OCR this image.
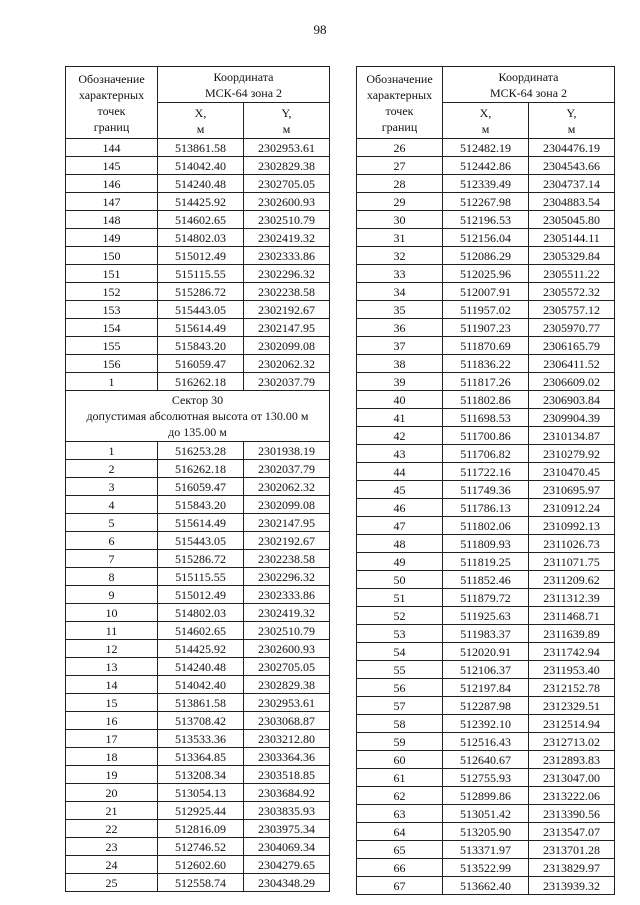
98
Обозначение
характерных
точек
границ	Координата
МСК-64 зона 2	

	X,
м	Y,
м

144	513861.58	2302953.61
145	514042.40	2302829.38
146	514240.48	2302705.05
147	514425.92	2302600.93
148	514602.65	2302510.79
149	514802.03	2302419.32
150	515012.49	2302333.86
151	515115.55	2302296.32
152	515286.72	2302238.58
153	515443.05	2302192.67
154	515614.49	2302147.95
155	515843.20	2302099.08
156	516059.47	2302062.32
1	516262.18	2302037.79

Сектор 30
допустимая абсолютная высота от 130.00 м
до 135.00 м		

1	516253.28	2301938.19
2	516262.18	2302037.79
3	516059.47	2302062.32
4	515843.20	2302099.08
5	515614.49	2302147.95
6	515443.05	2302192.67
7	515286.72	2302238.58
8	515115.55	2302296.32
9	515012.49	2302333.86
10	514802.03	2302419.32
11	514602.65	2302510.79
12	514425.92	2302600.93
13	514240.48	2302705.05
14	514042.40	2302829.38
15	513861.58	2302953.61
16	513708.42	2303068.87
17	513533.36	2303212.80
18	513364.85	2303364.36
19	513208.34	2303518.85
20	513054.13	2303684.92
21	512925.44	2303835.93
22	512816.09	2303975.34
23	512746.52	2304069.34
24	512602.60	2304279.65
25	512558.74	2304348.29
Обозначение
характерных
точек
границ	Координата
МСК-64 зона 2	

	X,
м	Y,
м

26	512482.19	2304476.19
27	512442.86	2304543.66
28	512339.49	2304737.14
29	512267.98	2304883.54
30	512196.53	2305045.80
31	512156.04	2305144.11
32	512086.29	2305329.84
33	512025.96	2305511.22
34	512007.91	2305572.32
35	511957.02	2305757.12
36	511907.23	2305970.77
37	511870.69	2306165.79
38	511836.22	2306411.52
39	511817.26	2306609.02
40	511802.86	2306903.84
41	511698.53	2309904.39
42	511700.86	2310134.87
43	511706.82	2310279.92
44	511722.16	2310470.45
45	511749.36	2310695.97
46	511786.13	2310912.24
47	511802.06	2310992.13
48	511809.93	2311026.73
49	511819.25	2311071.75
50	511852.46	2311209.62
51	511879.72	2311312.39
52	511925.63	2311468.71
53	511983.37	2311639.89
54	512020.91	2311742.94
55	512106.37	2311953.40
56	512197.84	2312152.78
57	512287.98	2312329.51
58	512392.10	2312514.94
59	512516.43	2312713.02
60	512640.67	2312893.83
61	512755.93	2313047.00
62	512899.86	2313222.06
63	513051.42	2313390.56
64	513205.90	2313547.07
65	513371.97	2313701.28
66	513522.99	2313829.97
67	513662.40	2313939.32
